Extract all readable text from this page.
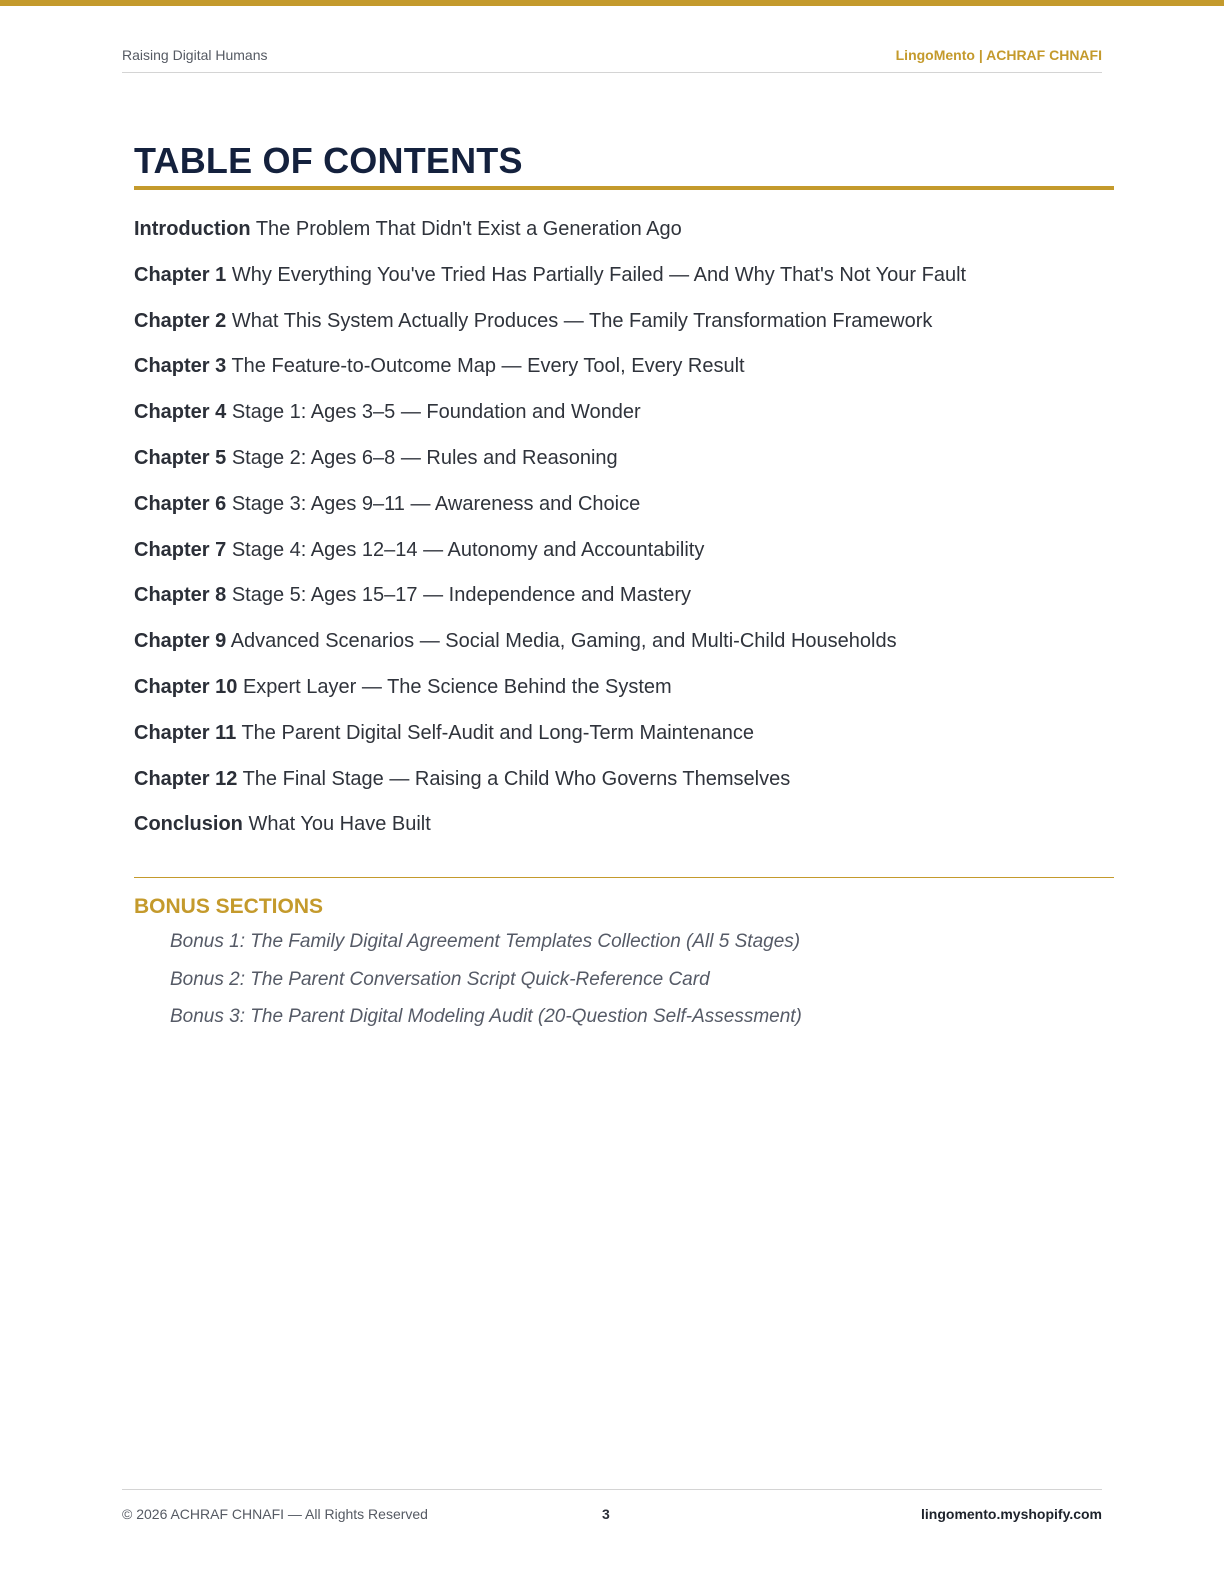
Raising Digital Humans	LingoMento | ACHRAF CHNAFI
TABLE OF CONTENTS
Introduction The Problem That Didn't Exist a Generation Ago
Chapter 1 Why Everything You've Tried Has Partially Failed — And Why That's Not Your Fault
Chapter 2 What This System Actually Produces — The Family Transformation Framework
Chapter 3 The Feature-to-Outcome Map — Every Tool, Every Result
Chapter 4 Stage 1: Ages 3–5 — Foundation and Wonder
Chapter 5 Stage 2: Ages 6–8 — Rules and Reasoning
Chapter 6 Stage 3: Ages 9–11 — Awareness and Choice
Chapter 7 Stage 4: Ages 12–14 — Autonomy and Accountability
Chapter 8 Stage 5: Ages 15–17 — Independence and Mastery
Chapter 9 Advanced Scenarios — Social Media, Gaming, and Multi-Child Households
Chapter 10 Expert Layer — The Science Behind the System
Chapter 11 The Parent Digital Self-Audit and Long-Term Maintenance
Chapter 12 The Final Stage — Raising a Child Who Governs Themselves
Conclusion What You Have Built
BONUS SECTIONS
Bonus 1: The Family Digital Agreement Templates Collection (All 5 Stages)
Bonus 2: The Parent Conversation Script Quick-Reference Card
Bonus 3: The Parent Digital Modeling Audit (20-Question Self-Assessment)
© 2026 ACHRAF CHNAFI — All Rights Reserved	3	lingomento.myshopify.com
